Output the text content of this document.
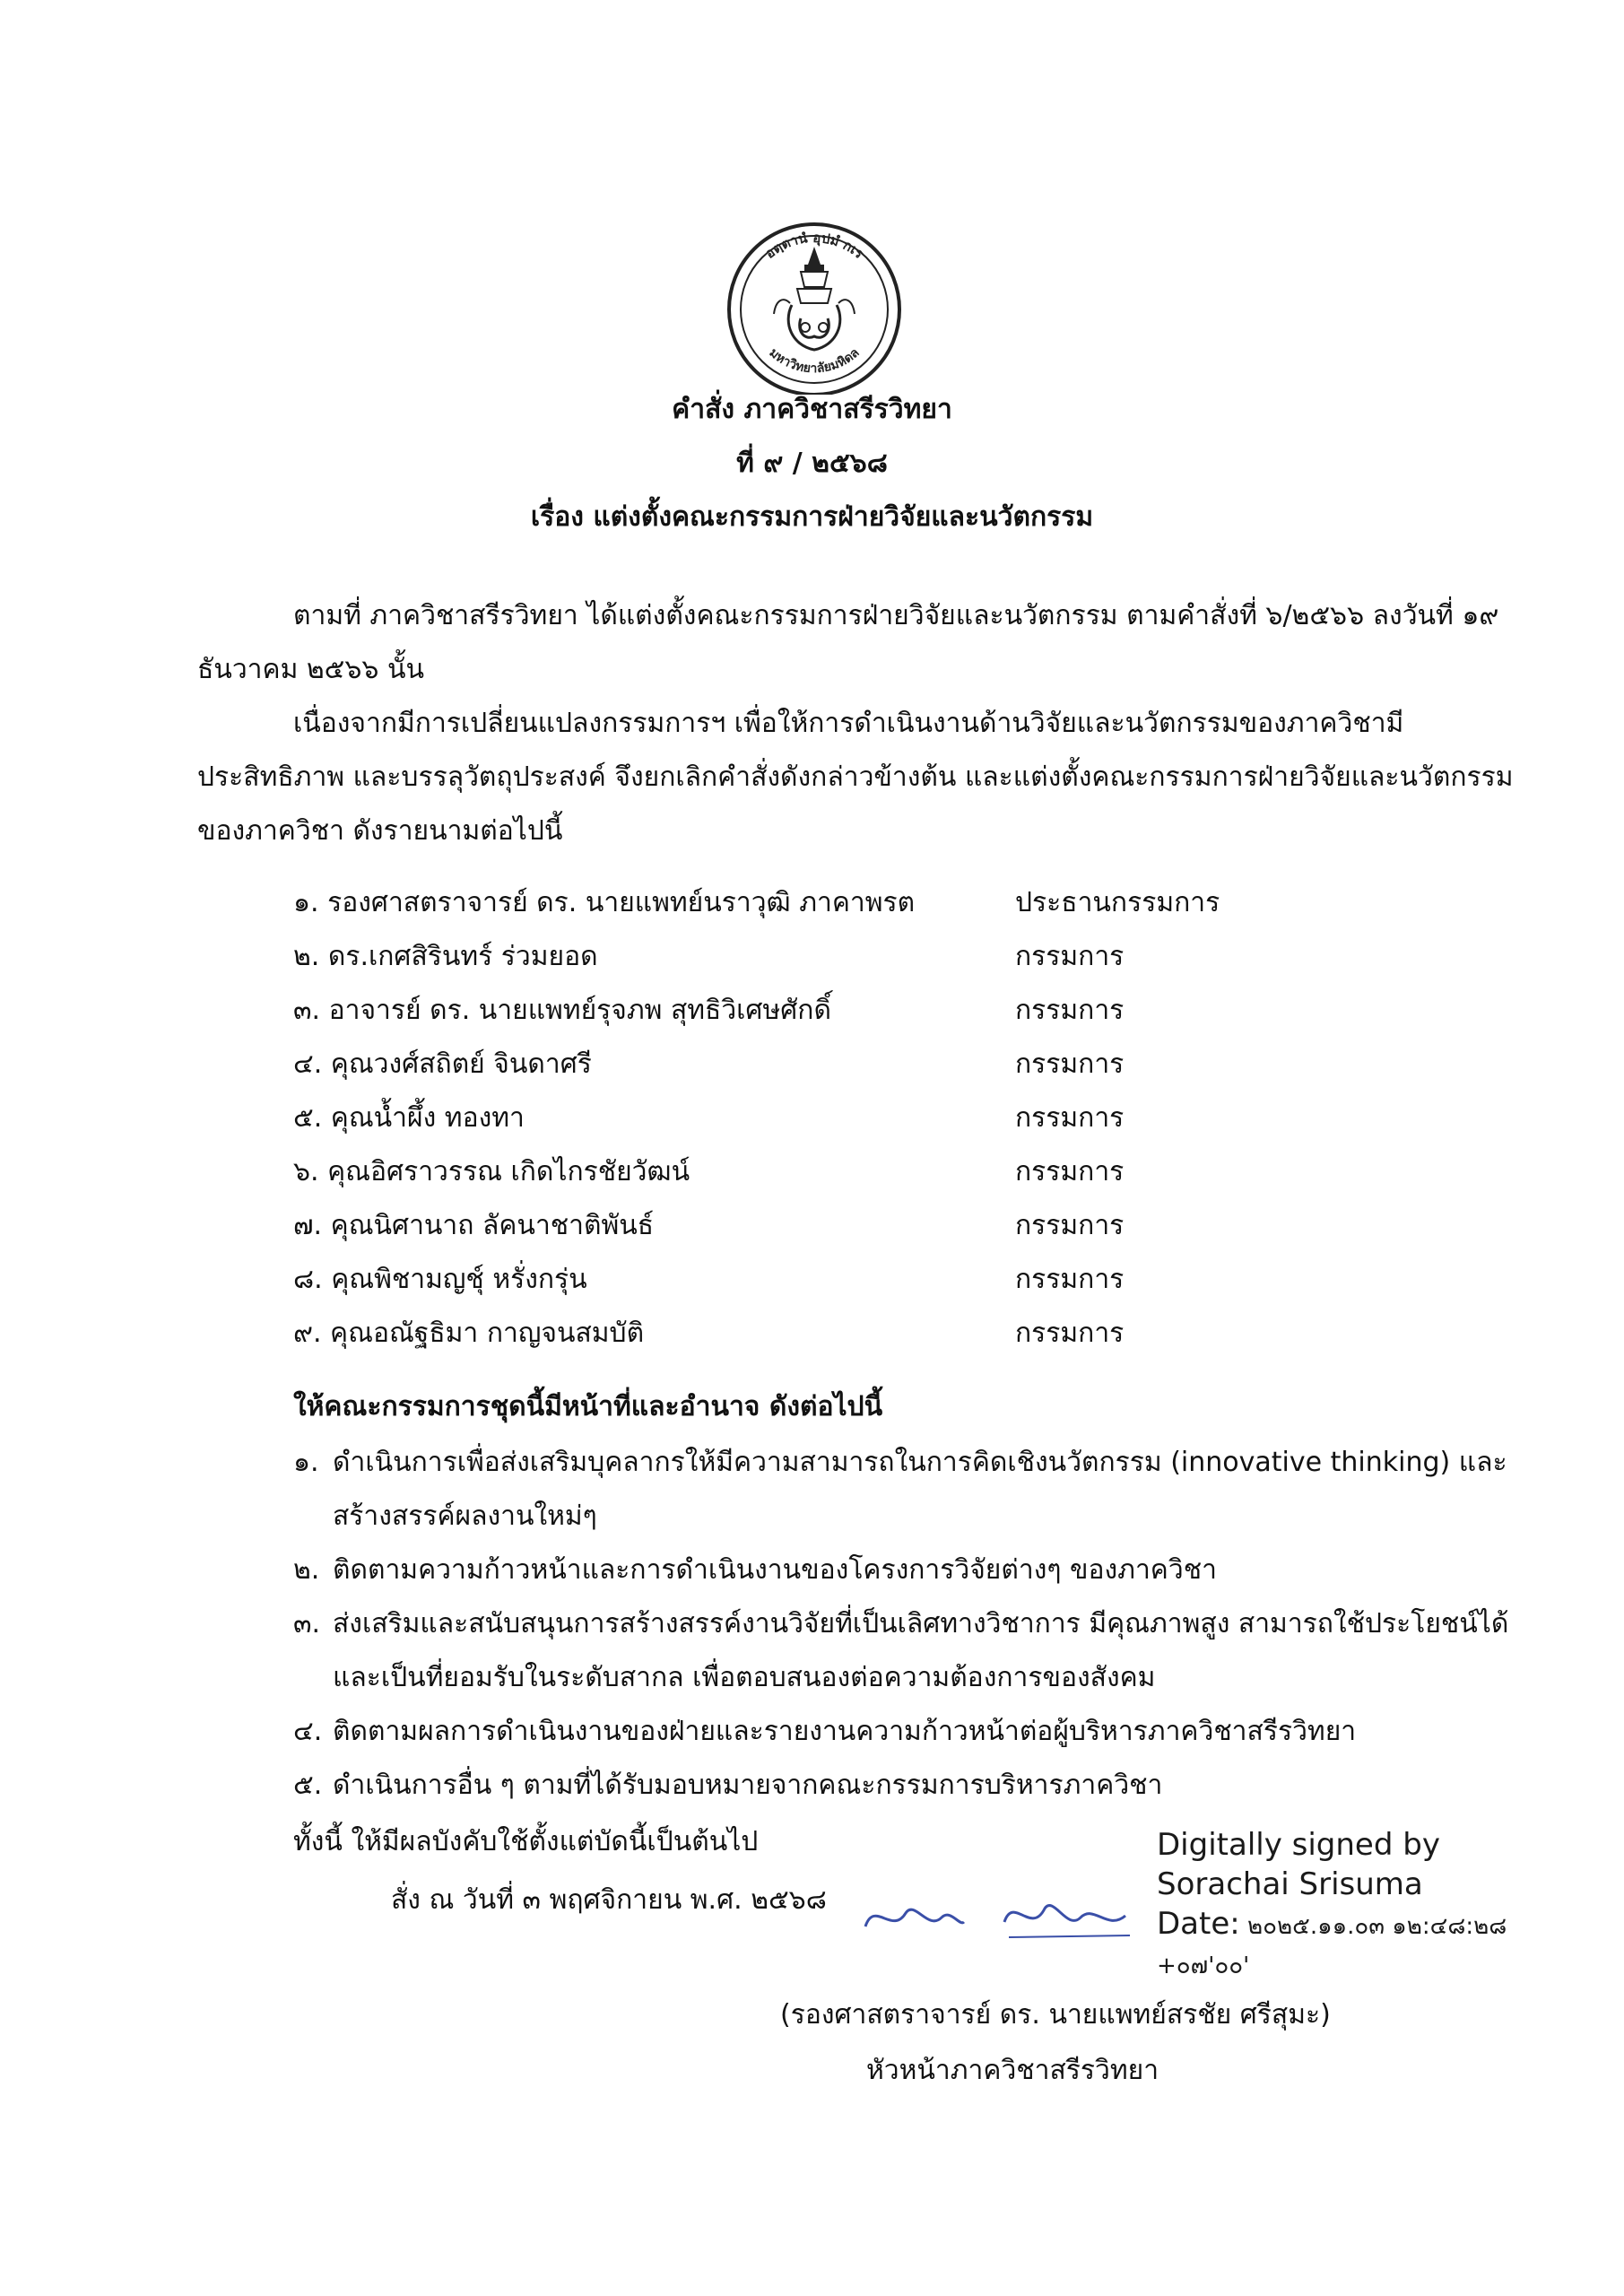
อตฺตานํ อุปมํ กเร
มหาวิทยาลัยมหิดล
คำสั่ง ภาควิชาสรีรวิทยา
ที่ ๙ / ๒๕๖๘
เรื่อง แต่งตั้งคณะกรรมการฝ่ายวิจัยและนวัตกรรม
ตามที่ ภาควิชาสรีรวิทยา ได้แต่งตั้งคณะกรรมการฝ่ายวิจัยและนวัตกรรม ตามคำสั่งที่ ๖/๒๕๖๖ ลงวันที่ ๑๙
ธันวาคม ๒๕๖๖ นั้น
เนื่องจากมีการเปลี่ยนแปลงกรรมการฯ เพื่อให้การดำเนินงานด้านวิจัยและนวัตกรรมของภาควิชามี
ประสิทธิภาพ และบรรลุวัตถุประสงค์ จึงยกเลิกคำสั่งดังกล่าวข้างต้น และแต่งตั้งคณะกรรมการฝ่ายวิจัยและนวัตกรรม
ของภาควิชา ดังรายนามต่อไปนี้
๑. รองศาสตราจารย์ ดร. นายแพทย์นราวุฒิ ภาคาพรต	ประธานกรรมการ
๒. ดร.เกศสิรินทร์ ร่วมยอด	กรรมการ
๓. อาจารย์ ดร. นายแพทย์รุจภพ สุทธิวิเศษศักดิ์	กรรมการ
๔. คุณวงศ์สถิตย์ จินดาศรี	กรรมการ
๕. คุณน้ำผึ้ง ทองทา	กรรมการ
๖. คุณอิศราวรรณ เกิดไกรชัยวัฒน์	กรรมการ
๗. คุณนิศานาถ ลัคนาชาติพันธ์	กรรมการ
๘. คุณพิชามญชุ์ หรั่งกรุ่น	กรรมการ
๙. คุณอณัฐธิมา กาญจนสมบัติ	กรรมการ
ให้คณะกรรมการชุดนี้มีหน้าที่และอำนาจ ดังต่อไปนี้
๑. ดำเนินการเพื่อส่งเสริมบุคลากรให้มีความสามารถในการคิดเชิงนวัตกรรม (innovative thinking) และ
สร้างสรรค์ผลงานใหม่ๆ
๒. ติดตามความก้าวหน้าและการดำเนินงานของโครงการวิจัยต่างๆ ของภาควิชา
๓. ส่งเสริมและสนับสนุนการสร้างสรรค์งานวิจัยที่เป็นเลิศทางวิชาการ มีคุณภาพสูง สามารถใช้ประโยชน์ได้
และเป็นที่ยอมรับในระดับสากล เพื่อตอบสนองต่อความต้องการของสังคม
๔. ติดตามผลการดำเนินงานของฝ่ายและรายงานความก้าวหน้าต่อผู้บริหารภาควิชาสรีรวิทยา
๕. ดำเนินการอื่น ๆ ตามที่ได้รับมอบหมายจากคณะกรรมการบริหารภาควิชา
ทั้งนี้ ให้มีผลบังคับใช้ตั้งแต่บัดนี้เป็นต้นไป
สั่ง ณ วันที่ ๓ พฤศจิกายน พ.ศ. ๒๕๖๘
Digitally signed by
Sorachai Srisuma
Date: ๒๐๒๕.๑๑.๐๓ ๑๒:๔๘:๒๘
+๐๗'๐๐'
(รองศาสตราจารย์ ดร. นายแพทย์สรชัย ศรีสุมะ)
หัวหน้าภาควิชาสรีรวิทยา
